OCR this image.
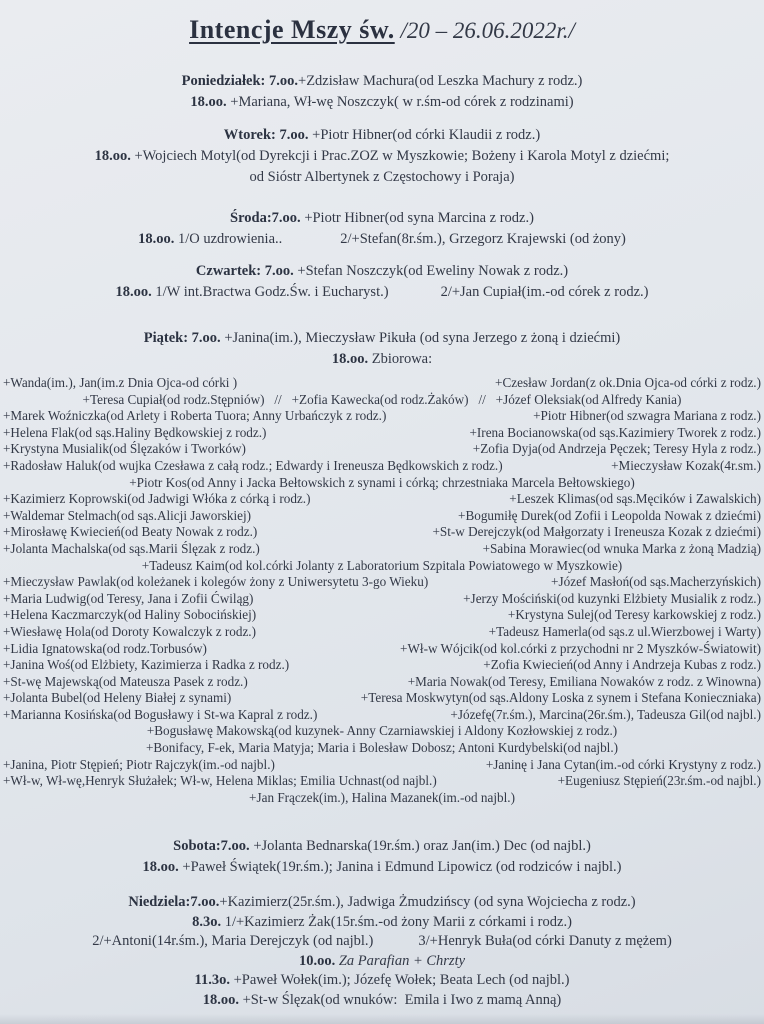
Intencje Mszy św. /20 – 26.06.2022r./
Poniedziałek: 7.oo.+Zdzisław Machura(od Leszka Machury z rodz.)
18.oo. +Mariana, Wł-wę Noszczyk( w r.śm-od córek z rodzinami)
Wtorek: 7.oo. +Piotr Hibner(od córki Klaudii z rodz.)
18.oo. +Wojciech Motyl(od Dyrekcji i Prac.ZOZ w Myszkowie; Bożeny i Karola Motyl z dziećmi;
od Sióstr Albertynek z Częstochowy i Poraja)
Środa:7.oo. +Piotr Hibner(od syna Marcina z rodz.)
18.oo. 1/O uzdrowienia..	2/+Stefan(8r.śm.), Grzegorz Krajewski (od żony)
Czwartek: 7.oo. +Stefan Noszczyk(od Eweliny Nowak z rodz.)
18.oo. 1/W int.Bractwa Godz.Św. i Eucharyst.)	2/+Jan Cupiał(im.-od córek z rodz.)
Piątek: 7.oo. +Janina(im.), Mieczysław Pikuła (od syna Jerzego z żoną i dziećmi)
18.oo. Zbiorowa:
+Wanda(im.), Jan(im.z Dnia Ojca-od córki )	+Czesław Jordan(z ok.Dnia Ojca-od córki z rodz.)
+Teresa Cupiał(od rodz.Stępniów)   //   +Zofia Kawecka(od rodz.Żaków)   //   +Józef Oleksiak(od Alfredy Kania)
+Marek Woźniczka(od Arlety i Roberta Tuora; Anny Urbańczyk z rodz.)	+Piotr Hibner(od szwagra Mariana z rodz.)
+Helena Flak(od sąs.Haliny Będkowskiej z rodz.)	+Irena Bocianowska(od sąs.Kazimiery Tworek z rodz.)
+Krystyna Musialik(od Ślęzaków i Tworków)	+Zofia Dyja(od Andrzeja Pęczek; Teresy Hyla z rodz.)
+Radosław Haluk(od wujka Czesława z całą rodz.; Edwardy i Ireneusza Będkowskich z rodz.)	+Mieczysław Kozak(4r.sm.)
+Piotr Kos(od Anny i Jacka Bełtowskich z synami i córką; chrzestniaka Marcela Bełtowskiego)
+Kazimierz Koprowski(od Jadwigi Włóka z córką i rodz.)	+Leszek Klimas(od sąs.Męcików i Zawalskich)
+Waldemar Stelmach(od sąs.Alicji Jaworskiej)	+Bogumiłę Durek(od Zofii i Leopolda Nowak z dziećmi)
+Mirosławę Kwiecień(od Beaty Nowak z rodz.)	+St-w Derejczyk(od Małgorzaty i Ireneusza Kozak z dziećmi)
+Jolanta Machalska(od sąs.Marii Ślęzak z rodz.)	+Sabina Morawiec(od wnuka Marka z żoną Madzią)
+Tadeusz Kaim(od kol.córki Jolanty z Laboratorium Szpitala Powiatowego w Myszkowie)
+Mieczysław Pawlak(od koleżanek i kolegów żony z Uniwersytetu 3-go Wieku)	+Józef Masłoń(od sąs.Macherzyńskich)
+Maria Ludwig(od Teresy, Jana i Zofii Ćwiląg)	+Jerzy Mościński(od kuzynki Elżbiety Musialik z rodz.)
+Helena Kaczmarczyk(od Haliny Sobocińskiej)	+Krystyna Sulej(od Teresy karkowskiej z rodz.)
+Wiesławę Hola(od Doroty Kowalczyk z rodz.)	+Tadeusz Hamerla(od sąs.z ul.Wierzbowej i Warty)
+Lidia Ignatowska(od rodz.Torbusów)	+Wł-w Wójcik(od kol.córki z przychodni nr 2 Myszków-Światowit)
+Janina Woś(od Elżbiety, Kazimierza i Radka z rodz.)	+Zofia Kwiecień(od Anny i Andrzeja Kubas z rodz.)
+St-wę Majewską(od Mateusza Pasek z rodz.)	+Maria Nowak(od Teresy, Emiliana Nowaków z rodz. z Winowna)
+Jolanta Bubel(od Heleny Białej z synami)	+Teresa Moskwytyn(od sąs.Aldony Loska z synem i Stefana Konieczniaka)
+Marianna Kosińska(od Bogusławy i St-wa Kapral z rodz.)	+Józefę(7r.śm.), Marcina(26r.śm.), Tadeusza Gil(od najbl.)
+Bogusławę Makowską(od kuzynek- Anny Czarniawskiej i Aldony Kozłowskiej z rodz.)
+Bonifacy, F-ek, Maria Matyja; Maria i Bolesław Dobosz; Antoni Kurdybelski(od najbl.)
+Janina, Piotr Stępień; Piotr Rajczyk(im.-od najbl.)	+Janinę i Jana Cytan(im.-od córki Krystyny z rodz.)
+Wł-w, Wł-wę,Henryk Służałek; Wł-w, Helena Miklas; Emilia Uchnast(od najbl.)	+Eugeniusz Stępień(23r.śm.-od najbl.)
+Jan Frączek(im.), Halina Mazanek(im.-od najbl.)
Sobota:7.oo. +Jolanta Bednarska(19r.śm.) oraz Jan(im.) Dec (od najbl.)
18.oo. +Paweł Świątek(19r.śm.); Janina i Edmund Lipowicz (od rodziców i najbl.)
Niedziela:7.oo.+Kazimierz(25r.śm.), Jadwiga Żmudzińscy (od syna Wojciecha z rodz.)
8.3o. 1/+Kazimierz Żak(15r.śm.-od żony Marii z córkami i rodz.)
2/+Antoni(14r.śm.), Maria Derejczyk (od najbl.)	3/+Henryk Buła(od córki Danuty z mężem)
10.oo. Za Parafian + Chrzty
11.3o. +Paweł Wołek(im.); Józefę Wołek; Beata Lech (od najbl.)
18.oo. +St-w Ślęzak(od wnuków:  Emila i Iwo z mamą Anną)
